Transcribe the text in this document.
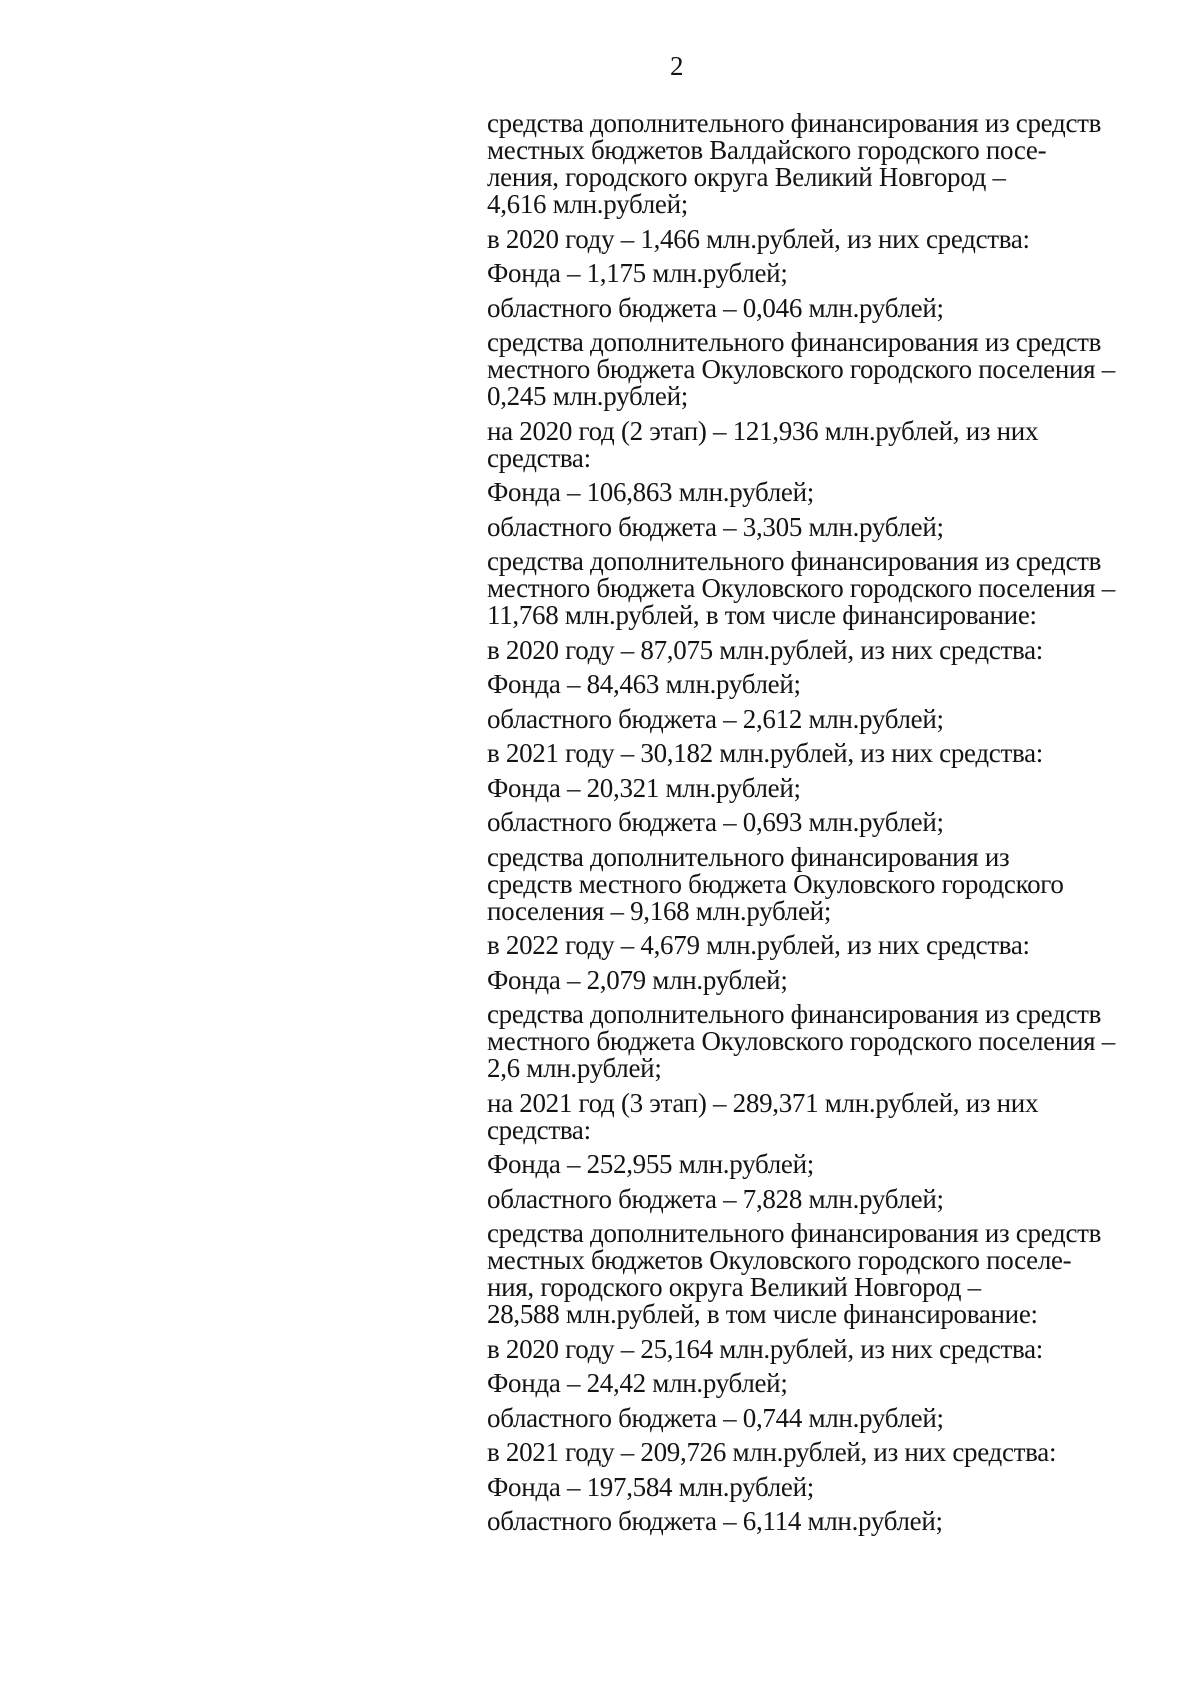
2

средства дополнительного финансирования из средств
местных бюджетов Валдайского городского посе-
ления, городского округа Великий Новгород –
4,616 млн.рублей;

в 2020 году – 1,466 млн.рублей, из них средства:

Фонда – 1,175 млн.рублей;

областного бюджета – 0,046 млн.рублей;

средства дополнительного финансирования из средств
местного бюджета Окуловского городского поселения –
0,245 млн.рублей;

на 2020 год (2 этап) – 121,936 млн.рублей, из них
средства:

Фонда – 106,863 млн.рублей;

областного бюджета – 3,305 млн.рублей;

средства дополнительного финансирования из средств
местного бюджета Окуловского городского поселения –
11,768 млн.рублей, в том числе финансирование:

в 2020 году – 87,075 млн.рублей, из них средства:

Фонда – 84,463 млн.рублей;

областного бюджета – 2,612 млн.рублей;

в 2021 году – 30,182 млн.рублей, из них средства:

Фонда – 20,321 млн.рублей;

областного бюджета – 0,693 млн.рублей;

средства дополнительного финансирования из
средств местного бюджета Окуловского городского
поселения – 9,168 млн.рублей;

в 2022 году – 4,679 млн.рублей, из них средства:

Фонда – 2,079 млн.рублей;

средства дополнительного финансирования из средств
местного бюджета Окуловского городского поселения –
2,6 млн.рублей;

на 2021 год (3 этап) – 289,371 млн.рублей, из них
средства:

Фонда – 252,955 млн.рублей;

областного бюджета – 7,828 млн.рублей;

средства дополнительного финансирования из средств
местных бюджетов Окуловского городского поселе-
ния, городского округа Великий Новгород –
28,588 млн.рублей, в том числе финансирование:

в 2020 году – 25,164 млн.рублей, из них средства:

Фонда – 24,42 млн.рублей;

областного бюджета – 0,744 млн.рублей;

в 2021 году – 209,726 млн.рублей, из них средства:

Фонда – 197,584 млн.рублей;

областного бюджета – 6,114 млн.рублей;
